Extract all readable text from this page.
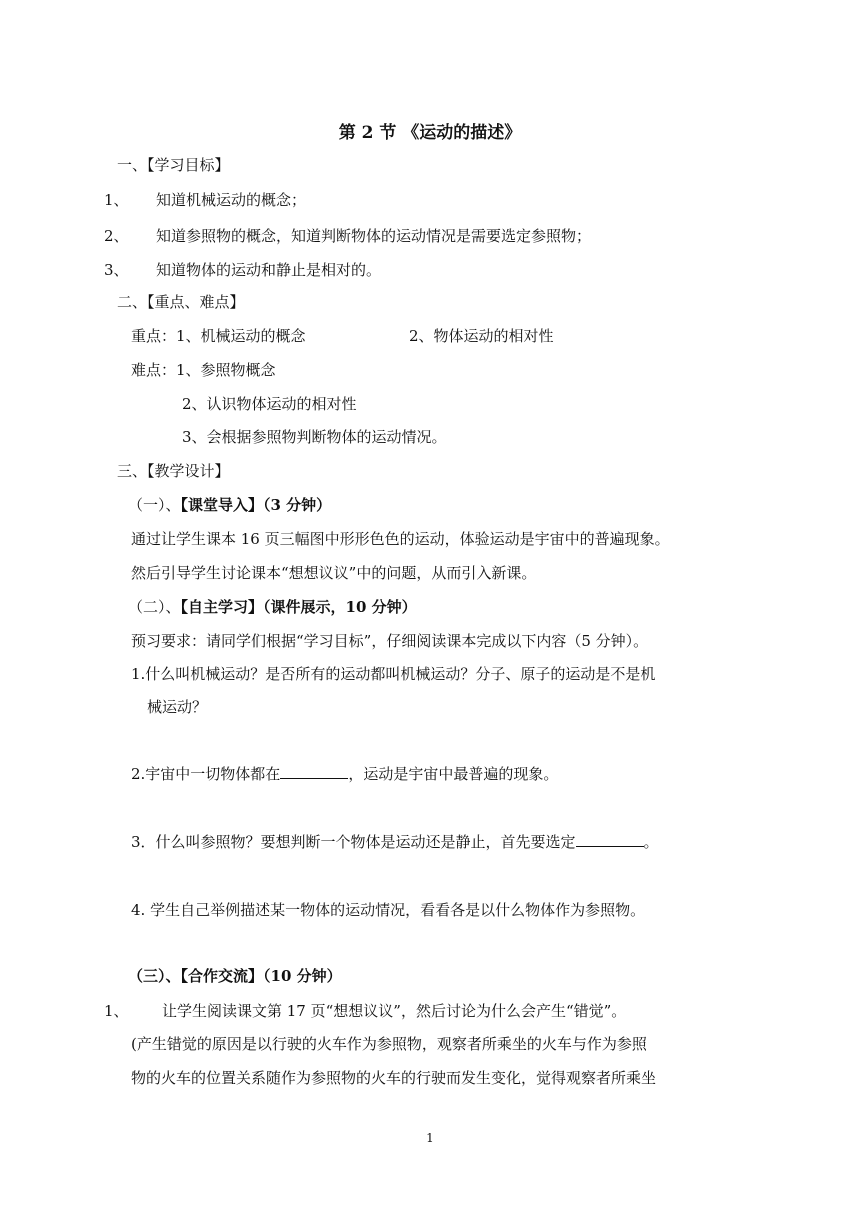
第 2 节 《运动的描述》
一、【学习目标】
1、 知道机械运动的概念；
2、 知道参照物的概念，知道判断物体的运动情况是需要选定参照物；
3、 知道物体的运动和静止是相对的。
二、【重点、难点】
重点：1、机械运动的概念	2、物体运动的相对性
难点：1、参照物概念
2、认识物体运动的相对性
3、会根据参照物判断物体的运动情况。
三、【教学设计】
（一）、【课堂导入】（3 分钟）
通过让学生课本 16 页三幅图中形形色色的运动，体验运动是宇宙中的普遍现象。
然后引导学生讨论课本“想想议议”中的问题，从而引入新课。
（二）、【自主学习】（课件展示，10 分钟）
预习要求：请同学们根据“学习目标”，仔细阅读课本完成以下内容（5 分钟）。
1.什么叫机械运动？是否所有的运动都叫机械运动？分子、原子的运动是不是机
械运动？
2.宇宙中一切物体都在	，运动是宇宙中最普遍的现象。
3．什么叫参照物？要想判断一个物体是运动还是静止，首先要选定	。
4. 学生自己举例描述某一物体的运动情况，看看各是以什么物体作为参照物。
（三）、【合作交流】（10 分钟）
1、 让学生阅读课文第 17 页“想想议议”，然后讨论为什么会产生“错觉”。
(产生错觉的原因是以行驶的火车作为参照物，观察者所乘坐的火车与作为参照
物的火车的位置关系随作为参照物的火车的行驶而发生变化，觉得观察者所乘坐
1
